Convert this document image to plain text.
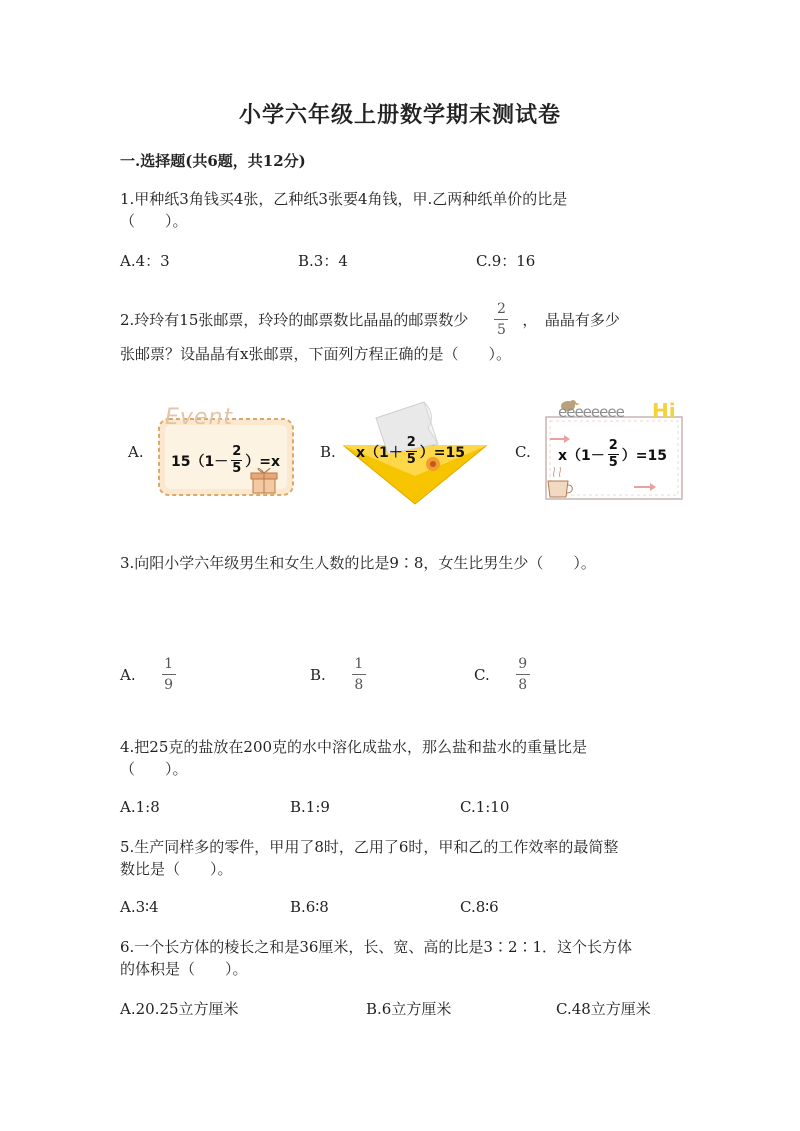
小学六年级上册数学期末测试卷
一.选择题(共6题，共12分)
1.甲种纸3角钱买4张，乙种纸3张要4角钱，甲.乙两种纸单价的比是
（　　）。
A.4：3	B.3：4	C.9：16
2.玲玲有15张邮票，玲玲的邮票数比晶晶的邮票数少 $\frac{2}{5}$ ，　晶晶有多少
张邮票？设晶晶有x张邮票，下面列方程正确的是（　　）。
A.
Event
$15(1- \frac{2}{5} )=x$
B. $x(1+ \frac{2}{5} )=15$	C.
eeeeeeee Hi
$x(1- \frac{2}{5} )=15$
3.向阳小学六年级男生和女生人数的比是9∶8，女生比男生少（　　）。
A. $\frac{1}{9}$	B. $\frac{1}{8}$	C. $\frac{9}{8}$
4.把25克的盐放在200克的水中溶化成盐水，那么盐和盐水的重量比是
（　　）。
A.1:8	B.1:9	C.1:10
5.生产同样多的零件，甲用了8时，乙用了6时，甲和乙的工作效率的最简整
数比是（　　）。
A.3∶4	B.6∶8	C.8∶6
6.一个长方体的棱长之和是36厘米，长、宽、高的比是3∶2∶1．这个长方体
的体积是（　　）。
A.20.25立方厘米	B.6立方厘米	C.48立方厘米
